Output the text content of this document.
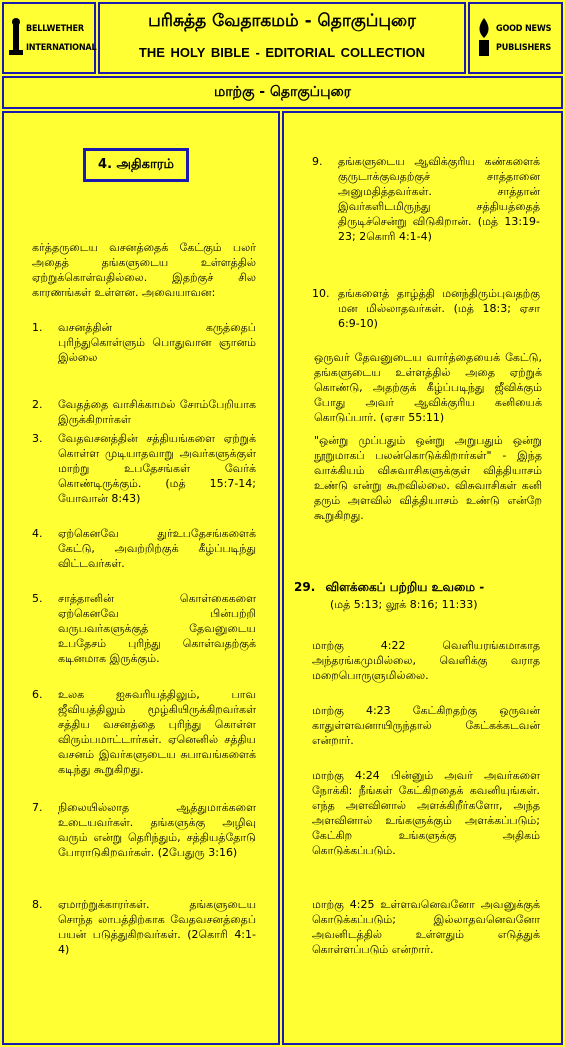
BELLWETHER
INTERNATIONAL
பரிசுத்த வேதாகமம் - தொகுப்புரை
THE HOLY BIBLE - EDITORIAL COLLECTION
GOOD NEWS
PUBLISHERS
மாற்கு - தொகுப்புரை
4. அதிகாரம்

கர்த்தருடைய வசனத்தைக் கேட்கும் பலர் அதைத் தங்களுடைய உள்ளத்தில் ஏற்றுக்கொள்வதில்லை. இதற்குச் சில காரணங்கள் உள்ளன. அவையாவன:

1. வசனத்தின் கருத்தைப் புரிந்துகொள்ளும் பொதுவான ஞானம் இல்லை
2. வேதத்தை வாசிக்காமல் சோம்பேறியாக இருக்கிறார்கள்
3. வேதவசனத்தின் சத்தியங்களை ஏற்றுக் கொள்ள முடியாதவாறு அவர்களுக்குள் மாற்று உபதேசங்கள் வேர்க் கொண்டிருக்கும். (மத் 15:7-14; யோவான் 8:43)
4. ஏற்கெனவே துர்உபதேசங்களைக் கேட்டு, அவற்றிற்குக் கீழ்ப்படிந்து விட்டவர்கள்.
5. சாத்தானின் கொள்கைகளை ஏற்கெனவே பின்பற்றி வருபவர்களுக்குத் தேவனுடைய உபதேசம் புரிந்து கொள்வதற்குக் கடினமாக இருக்கும்.
6. உலக ஐசுவரியத்திலும், பாவ ஜீவியத்திலும் மூழ்கியிருக்கிறவர்கள் சத்திய வசனத்தை புரிந்து கொள்ள விரும்பமாட்டார்கள். ஏனெனில் சத்திய வசனம் இவர்களுடைய சுபாவங்களைக் கடிந்து கூறுகிறது.
7. நிலையில்லாத ஆத்துமாக்களை உடையவர்கள். தங்களுக்கு அழிவு வரும் என்று தெரிந்தும், சத்தியத்தோடு போராடுகிறவர்கள். (2பேதுரு 3:16)
8. ஏமாற்றுக்காரர்கள். தங்களுடைய சொந்த லாபத்திற்காக வேதவசனத்தைப் பயன் படுத்துகிறவர்கள். (2கொரி 4:1-4)
9. தங்களுடைய ஆவிக்குரிய கண்களைக் குருடாக்குவதற்குச் சாத்தானை அனுமதித்தவர்கள். சாத்தான் இவர்களிடமிருந்து சத்தியத்தைத் திருடிச்சென்று விடுகிறான். (மத் 13:19-23; 2கொரி 4:1-4)
10. தங்களைத் தாழ்த்தி மனந்திரும்புவதற்கு மன மில்லாதவர்கள். (மத் 18:3; ஏசா 6:9-10)

ஒருவர் தேவனுடைய வார்த்தையைக் கேட்டு, தங்களுடைய உள்ளத்தில் அதை ஏற்றுக் கொண்டு, அதற்குக் கீழ்ப்படிந்து ஜீவிக்கும் போது அவர் ஆவிக்குரிய கனியைக் கொடுப்பார். (ஏசா 55:11)

"ஒன்று முப்பதும் ஒன்று அறுபதும் ஒன்று நூறுமாகப் பலன்கொடுக்கிறார்கள்" - இந்த வாக்கியம் விசுவாசிகளுக்குள் வித்தியாசம் உண்டு என்று கூறவில்லை. விசுவாசிகள் கனி தரும் அளவில் வித்தியாசம் உண்டு என்றே கூறுகிறது.

29. விளக்கைப் பற்றிய உவமை -
(மத் 5:13; லூக் 8:16; 11:33)

மாற்கு 4:22 வெளியரங்கமாகாத அந்தரங்கமுமில்லை, வெளிக்கு வராத மறைபொருளுமில்லை.

மாற்கு 4:23 கேட்கிறதற்கு ஒருவன் காதுள்ளவனாயிருந்தால் கேட்கக்கடவன் என்றார்.

மாற்கு 4:24 பின்னும் அவர் அவர்களை நோக்கி: நீங்கள் கேட்கிறதைக் கவனியுங்கள். எந்த அளவினால் அளக்கிறீர்களோ, அந்த அளவினால் உங்களுக்கும் அளக்கப்படும்; கேட்கிற உங்களுக்கு அதிகம் கொடுக்கப்படும்.

மாற்கு 4:25 உள்ளவனெவனோ அவனுக்குக் கொடுக்கப்படும்; இல்லாதவனெவனோ அவனிடத்தில் உள்ளதும் எடுத்துக் கொள்ளப்படும் என்றார்.
